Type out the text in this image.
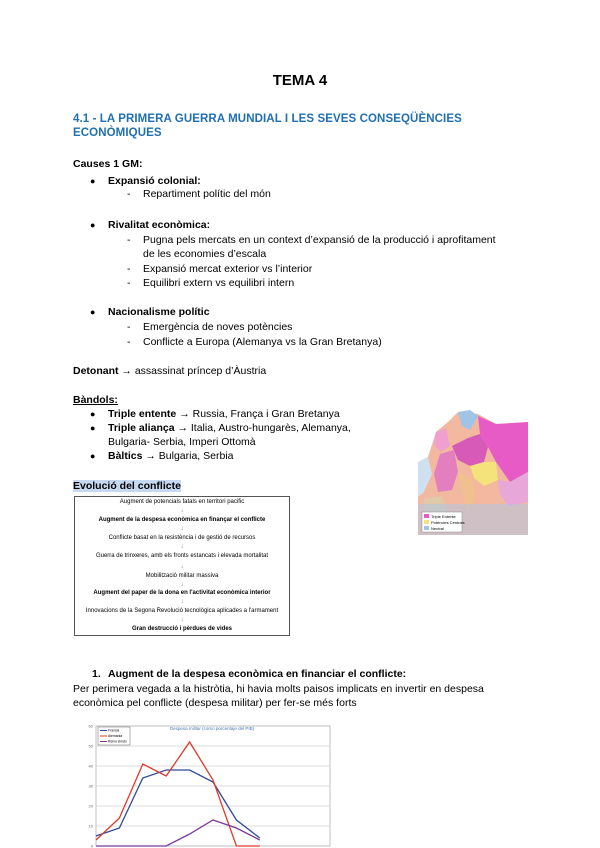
TEMA 4
4.1 - LA PRIMERA GUERRA MUNDIAL I LES SEVES CONSEQÜÈNCIES ECONÒMIQUES
Causes 1 GM:
● Expansió colonial:
- Repartiment polític del món
● Rivalitat econòmica:
- Pugna pels mercats en un context d’expansió de la producció i aprofitament
de les economies d’escala
- Expansió mercat exterior vs l’interior
- Equilibri extern vs equilibri intern
● Nacionalisme polític
- Emergència de noves potències
- Conflicte a Europa (Alemanya vs la Gran Bretanya)
Detonant → assassinat príncep d’Àustria
Bàndols:
● Triple entente → Russia, França i Gran Bretanya
● Triple aliança → Italia, Austro-hungarès, Alemanya,
Bulgaria- Serbia, Imperi Ottomà
● Bàltics → Bulgaria, Serbia
Triple Entente
Potències Centrals
Neutral
Evolució del conflicte
Augment de potencials fatals en territori pacific
↓
Augment de la despesa econòmica en finançar el conflicte
↓
Conflicte basat en la resistència i de gestió de recursos
↓
Guerra de trinxeres, amb els fronts estancats i elevada mortalitat
↓
Mobilització militar massiva
↓
Augment del paper de la dona en l'activitat econòmica interior
↓
Innovacions de la Segona Revolució tecnològica aplicades a l'armament
↓
Gran destrucció i pèrdues de vides
1. Augment de la despesa econòmica en financiar el conflicte:
Per perimera vegada a la histròtia, hi havia molts paisos implicats en invertir en despesa
econòmica pel conflicte (despesa militar) per fer-se més forts
0
10
20
30
40
50
60	Despesa militar (como porcentaje del PIB)
Francia
Alemania
Reino Unido
